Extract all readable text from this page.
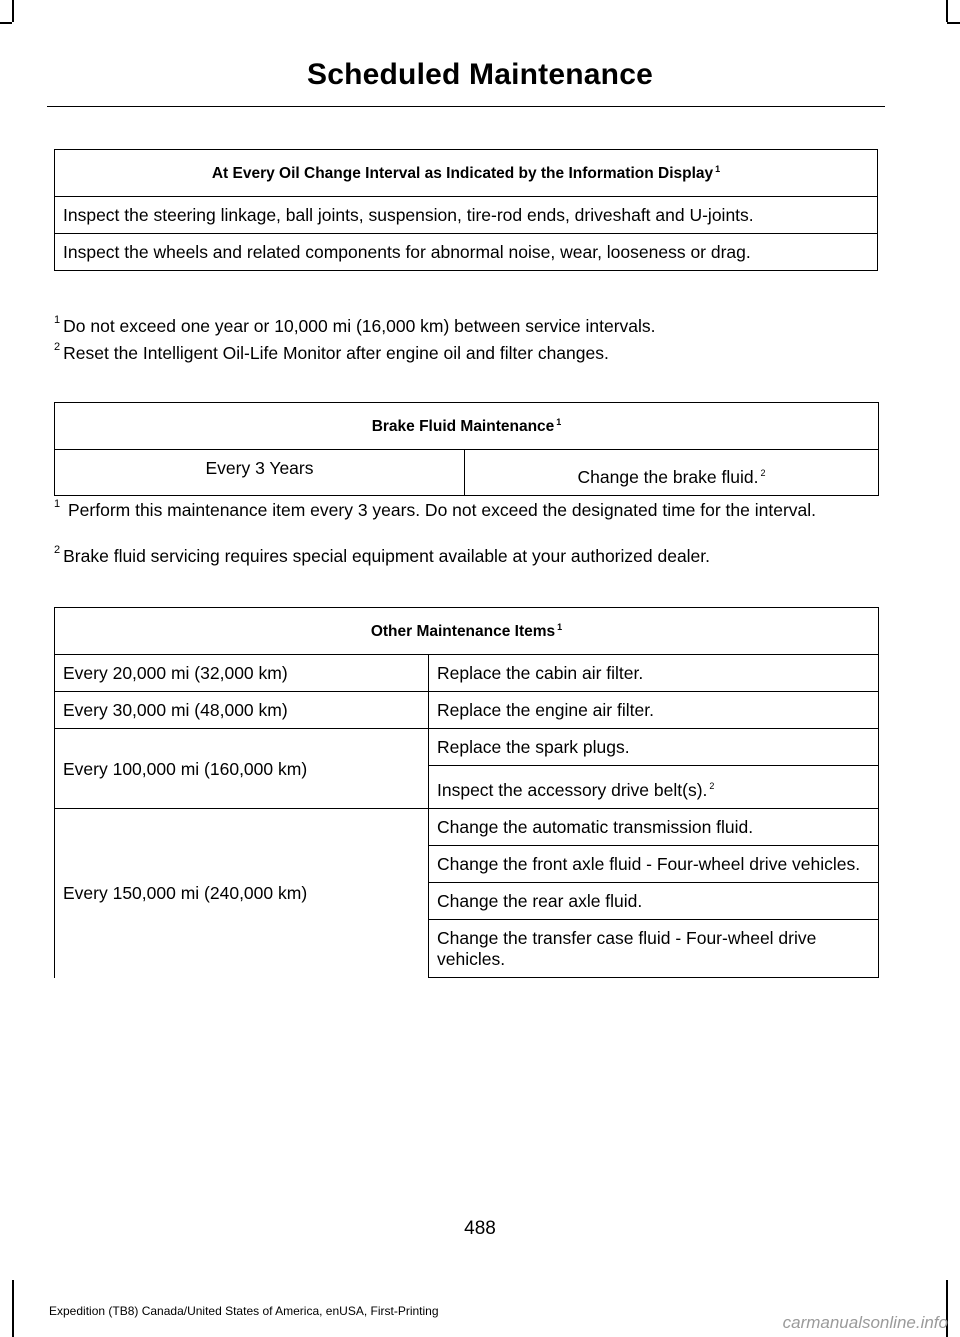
Scheduled Maintenance
At Every Oil Change Interval as Indicated by the Information Display $^1$
Inspect the steering linkage, ball joints, suspension, tire-rod ends, driveshaft and U-joints.
Inspect the wheels and related components for abnormal noise, wear, looseness or drag.
$^1$ Do not exceed one year or 10,000 mi (16,000 km) between service intervals.
$^2$ Reset the Intelligent Oil-Life Monitor after engine oil and filter changes.
Brake Fluid Maintenance $^1$
Every 3 Years	Change the brake fluid. $^2$
$^1$ Perform this maintenance item every 3 years. Do not exceed the designated time for the interval.
$^2$ Brake fluid servicing requires special equipment available at your authorized dealer.
Other Maintenance Items $^1$
Every 20,000 mi (32,000 km)	Replace the cabin air filter.
Every 30,000 mi (48,000 km)	Replace the engine air filter.
Every 100,000 mi (160,000 km)	Replace the spark plugs.
	Inspect the accessory drive belt(s). $^2$
Every 150,000 mi (240,000 km)	Change the automatic transmission fluid.
	Change the front axle fluid - Four-wheel drive vehicles.
	Change the rear axle fluid.
	Change the transfer case fluid - Four-wheel drive vehicles.
488
Expedition (TB8) Canada/United States of America, enUSA, First-Printing
carmanualsonline.info
